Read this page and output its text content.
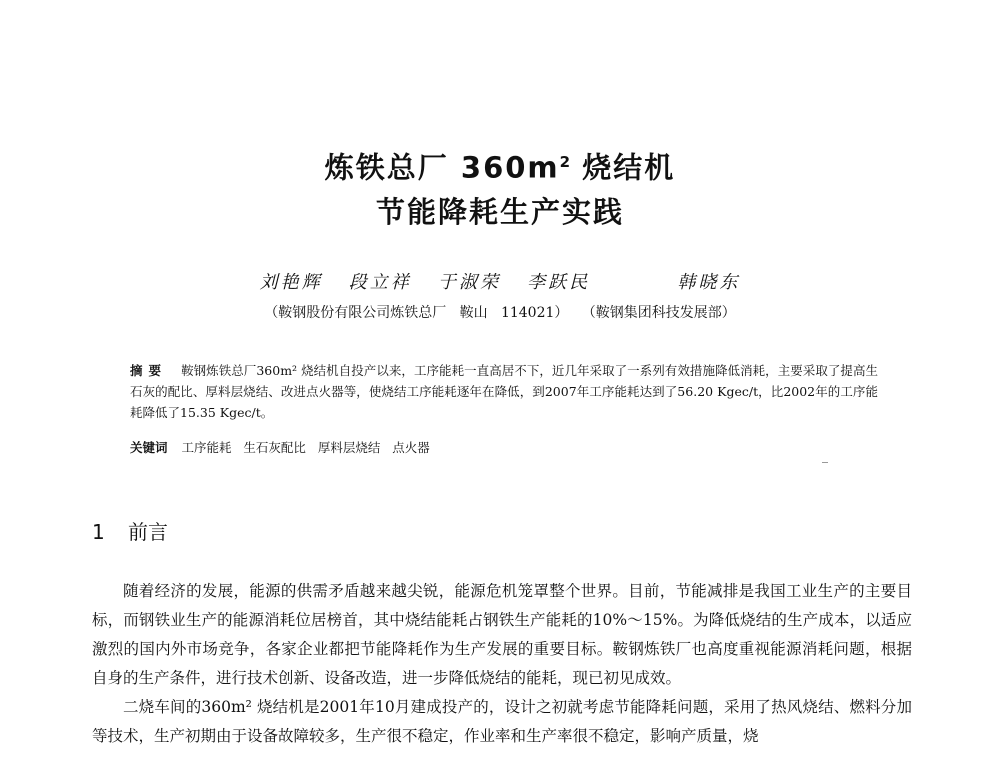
炼铁总厂 $360m^2$ 烧结机
节能降耗生产实践
刘艳辉   段立祥   于淑荣   李跃民          韩晓东
（鞍钢股份有限公司炼铁总厂   鞍山   114021）   （鞍钢集团科技发展部）
摘要 鞍钢炼铁总厂360m² 烧结机自投产以来，工序能耗一直高居不下，近几年采取了一系列有效措施降低消耗，主要采取了提高生石灰的配比、厚料层烧结、改进点火器等，使烧结工序能耗逐年在降低，到2007年工序能耗达到了56.20 Kgec/t，比2002年的工序能耗降低了15.35 Kgec/t。
关键词 工序能耗   生石灰配比   厚料层烧结   点火器
1 前言

随着经济的发展，能源的供需矛盾越来越尖锐，能源危机笼罩整个世界。目前，节能减排是我国工业生产的主要目标，而钢铁业生产的能源消耗位居榜首，其中烧结能耗占钢铁生产能耗的10%～15%。为降低烧结的生产成本，以适应激烈的国内外市场竞争，各家企业都把节能降耗作为生产发展的重要目标。鞍钢炼铁厂也高度重视能源消耗问题，根据自身的生产条件，进行技术创新、设备改造，进一步降低烧结的能耗，现已初见成效。

二烧车间的360m² 烧结机是2001年10月建成投产的，设计之初就考虑节能降耗问题，采用了热风烧结、燃料分加等技术，生产初期由于设备故障较多，生产很不稳定，作业率和生产率很不稳定，影响产质量，烧
